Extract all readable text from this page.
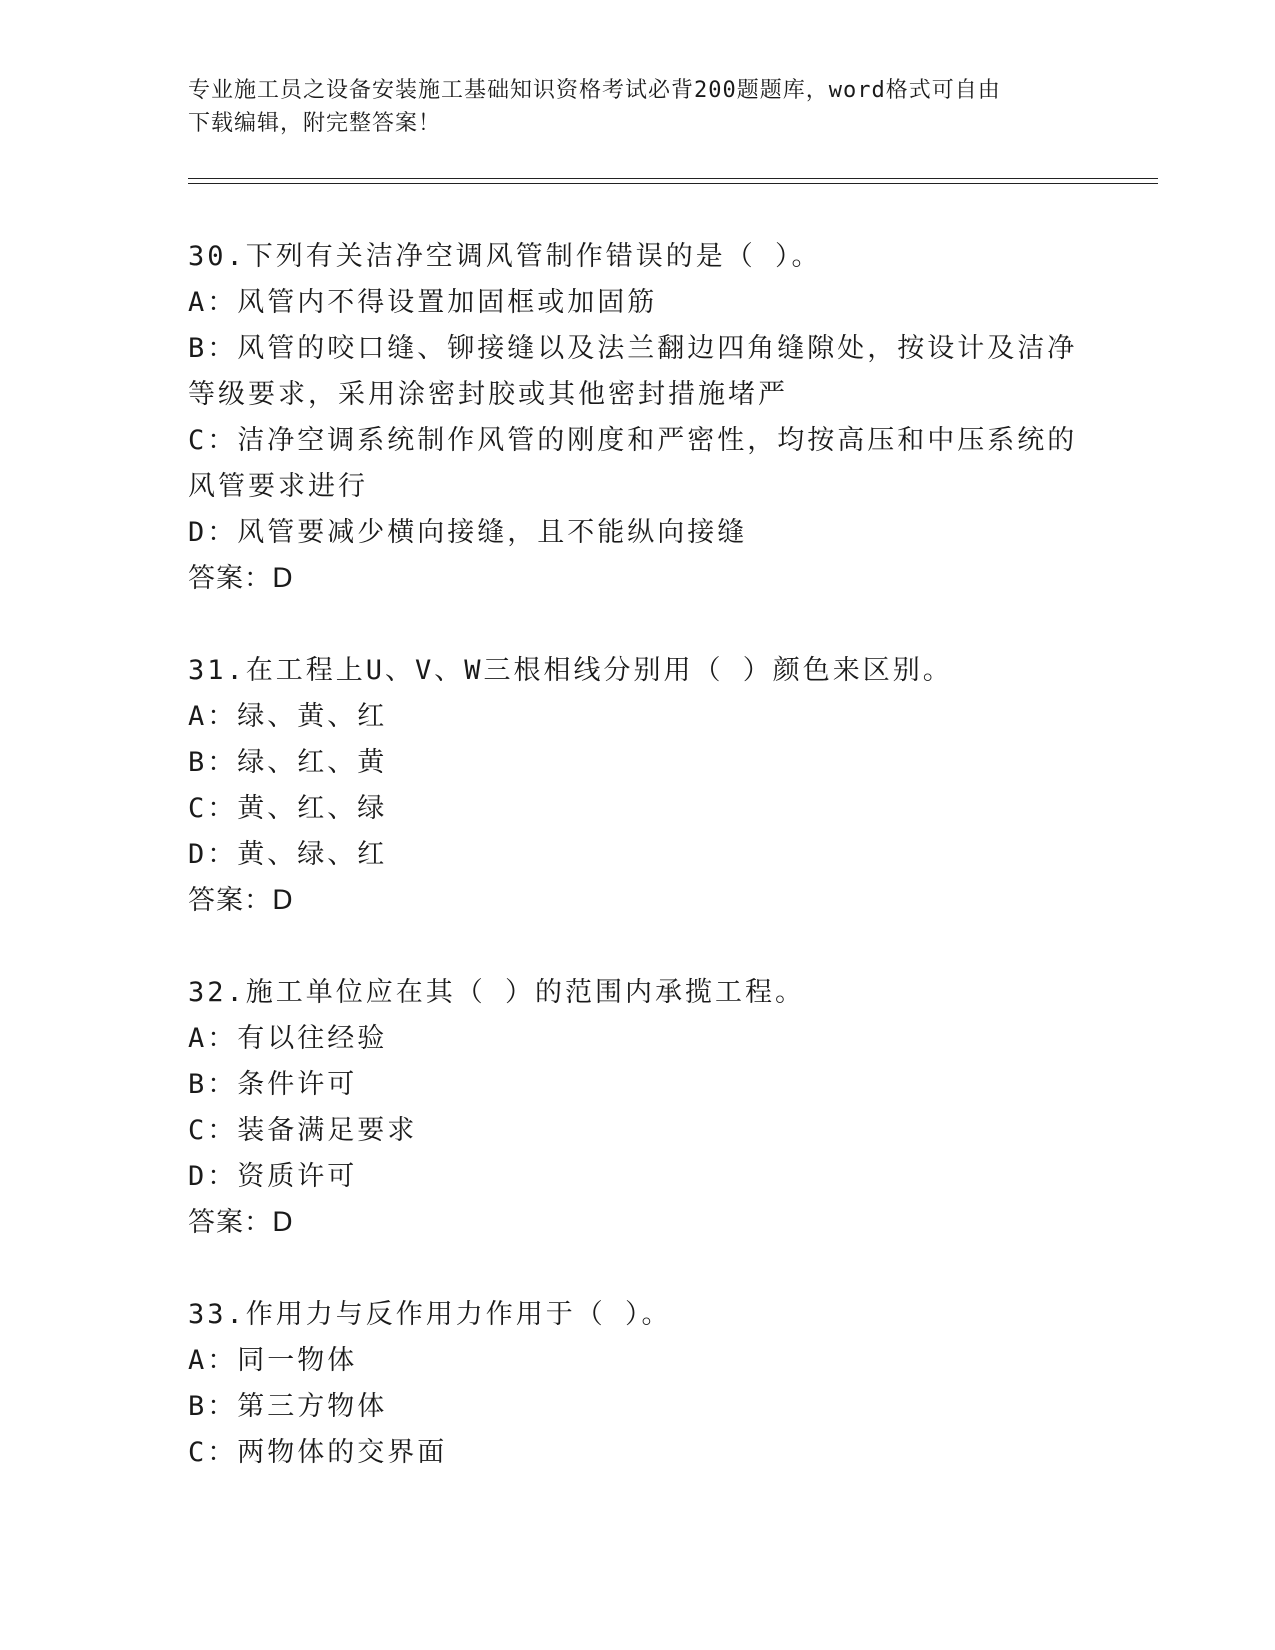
专业施工员之设备安装施工基础知识资格考试必背200题题库，word格式可自由
下载编辑，附完整答案！
30.下列有关洁净空调风管制作错误的是（ ）。
A：风管内不得设置加固框或加固筋
B：风管的咬口缝、铆接缝以及法兰翻边四角缝隙处，按设计及洁净等级要求，采用涂密封胶或其他密封措施堵严
C：洁净空调系统制作风管的刚度和严密性，均按高压和中压系统的风管要求进行
D：风管要减少横向接缝，且不能纵向接缝
答案：D
31.在工程上U、V、W三根相线分别用（ ）颜色来区别。
A：绿、黄、红
B：绿、红、黄
C：黄、红、绿
D：黄、绿、红
答案：D
32.施工单位应在其（ ）的范围内承揽工程。
A：有以往经验
B：条件许可
C：装备满足要求
D：资质许可
答案：D
33.作用力与反作用力作用于（ ）。
A：同一物体
B：第三方物体
C：两物体的交界面
